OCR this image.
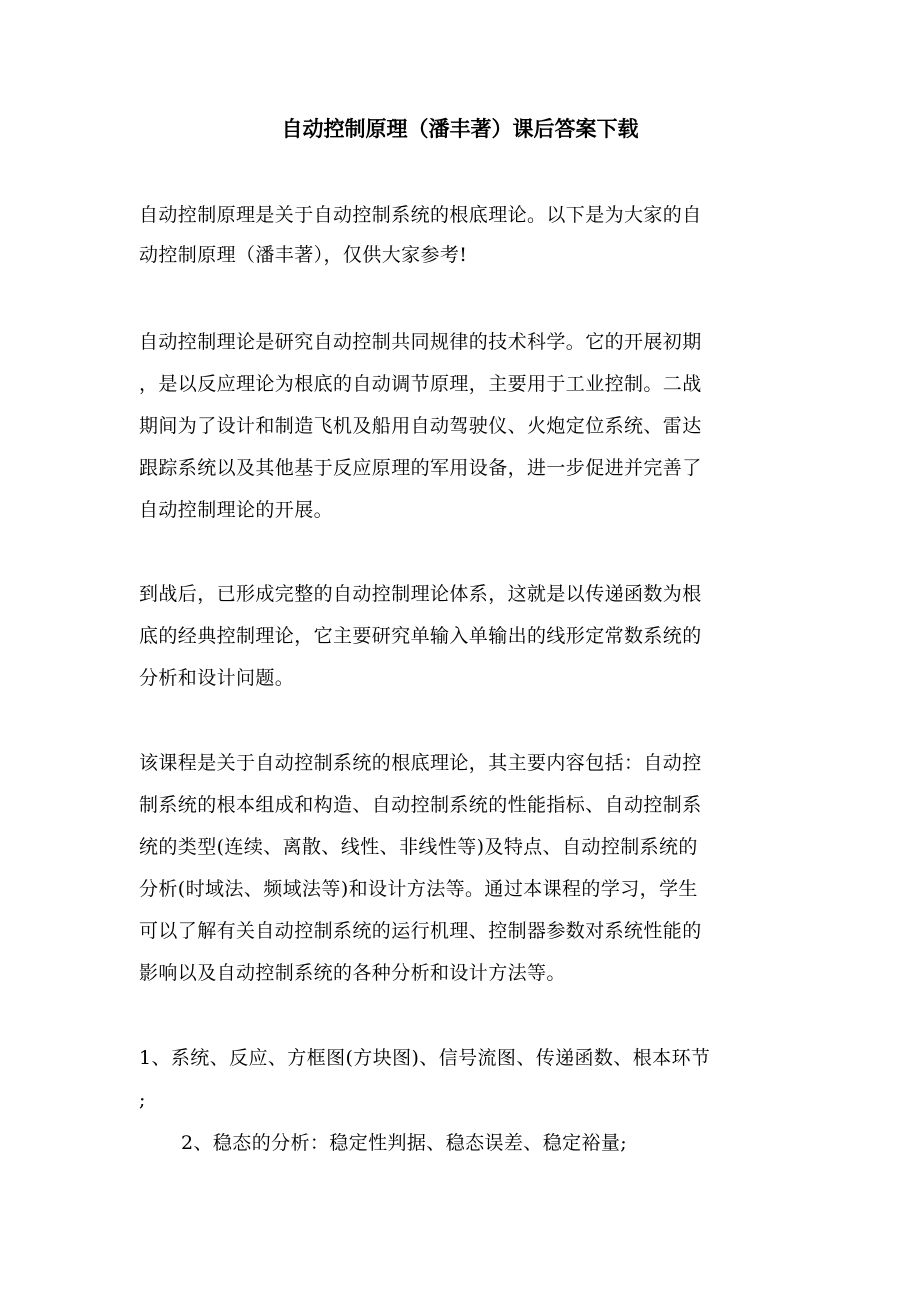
自动控制原理（潘丰著）课后答案下载
自动控制原理是关于自动控制系统的根底理论。以下是为大家的自
动控制原理（潘丰著），仅供大家参考!
自动控制理论是研究自动控制共同规律的技术科学。它的开展初期
，是以反应理论为根底的自动调节原理，主要用于工业控制。二战
期间为了设计和制造飞机及船用自动驾驶仪、火炮定位系统、雷达
跟踪系统以及其他基于反应原理的军用设备，进一步促进并完善了
自动控制理论的开展。
到战后，已形成完整的自动控制理论体系，这就是以传递函数为根
底的经典控制理论，它主要研究单输入单输出的线形定常数系统的
分析和设计问题。
该课程是关于自动控制系统的根底理论，其主要内容包括：自动控
制系统的根本组成和构造、自动控制系统的性能指标、自动控制系
统的类型(连续、离散、线性、非线性等)及特点、自动控制系统的
分析(时域法、频域法等)和设计方法等。通过本课程的学习，学生
可以了解有关自动控制系统的运行机理、控制器参数对系统性能的
影响以及自动控制系统的各种分析和设计方法等。
1、系统、反应、方框图(方块图)、信号流图、传递函数、根本环节
;
2、稳态的分析：稳定性判据、稳态误差、稳定裕量;
